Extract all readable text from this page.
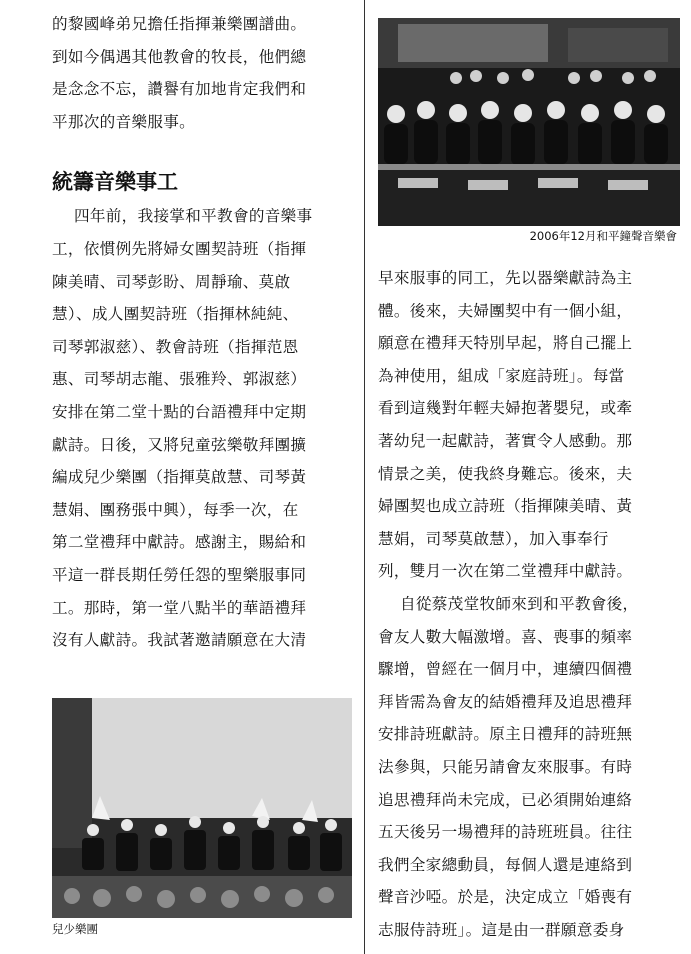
的黎國峰弟兄擔任指揮兼樂團譜曲。
到如今偶遇其他教會的牧長，他們總
是念念不忘，讚譽有加地肯定我們和
平那次的音樂服事。
統籌音樂事工
四年前，我接掌和平教會的音樂事
工，依慣例先將婦女團契詩班（指揮
陳美晴、司琴彭盼、周靜瑜、莫啟
慧）、成人團契詩班（指揮林純純、
司琴郭淑慈）、教會詩班（指揮范恩
惠、司琴胡志龍、張雅羚、郭淑慈）
安排在第二堂十點的台語禮拜中定期
獻詩。日後，又將兒童弦樂敬拜團擴
編成兒少樂團（指揮莫啟慧、司琴黃
慧娟、團務張中興），每季一次，在
第二堂禮拜中獻詩。感謝主，賜給和
平這一群長期任勞任怨的聖樂服事同
工。那時，第一堂八點半的華語禮拜
沒有人獻詩。我試著邀請願意在大清
2006年12月和平鐘聲音樂會
早來服事的同工，先以器樂獻詩為主
體。後來，夫婦團契中有一個小組，
願意在禮拜天特別早起，將自己擺上
為神使用，組成「家庭詩班」。每當
看到這幾對年輕夫婦抱著嬰兒，或牽
著幼兒一起獻詩，著實令人感動。那
情景之美，使我終身難忘。後來，夫
婦團契也成立詩班（指揮陳美晴、黃
慧娟，司琴莫啟慧），加入事奉行
列，雙月一次在第二堂禮拜中獻詩。
自從蔡茂堂牧師來到和平教會後，
會友人數大幅激增。喜、喪事的頻率
驟增，曾經在一個月中，連續四個禮
拜皆需為會友的結婚禮拜及追思禮拜
安排詩班獻詩。原主日禮拜的詩班無
法參與，只能另請會友來服事。有時
追思禮拜尚未完成，已必須開始連絡
五天後另一場禮拜的詩班班員。往往
我們全家總動員，每個人還是連絡到
聲音沙啞。於是，決定成立「婚喪有
志服侍詩班」。這是由一群願意委身
兒少樂團
